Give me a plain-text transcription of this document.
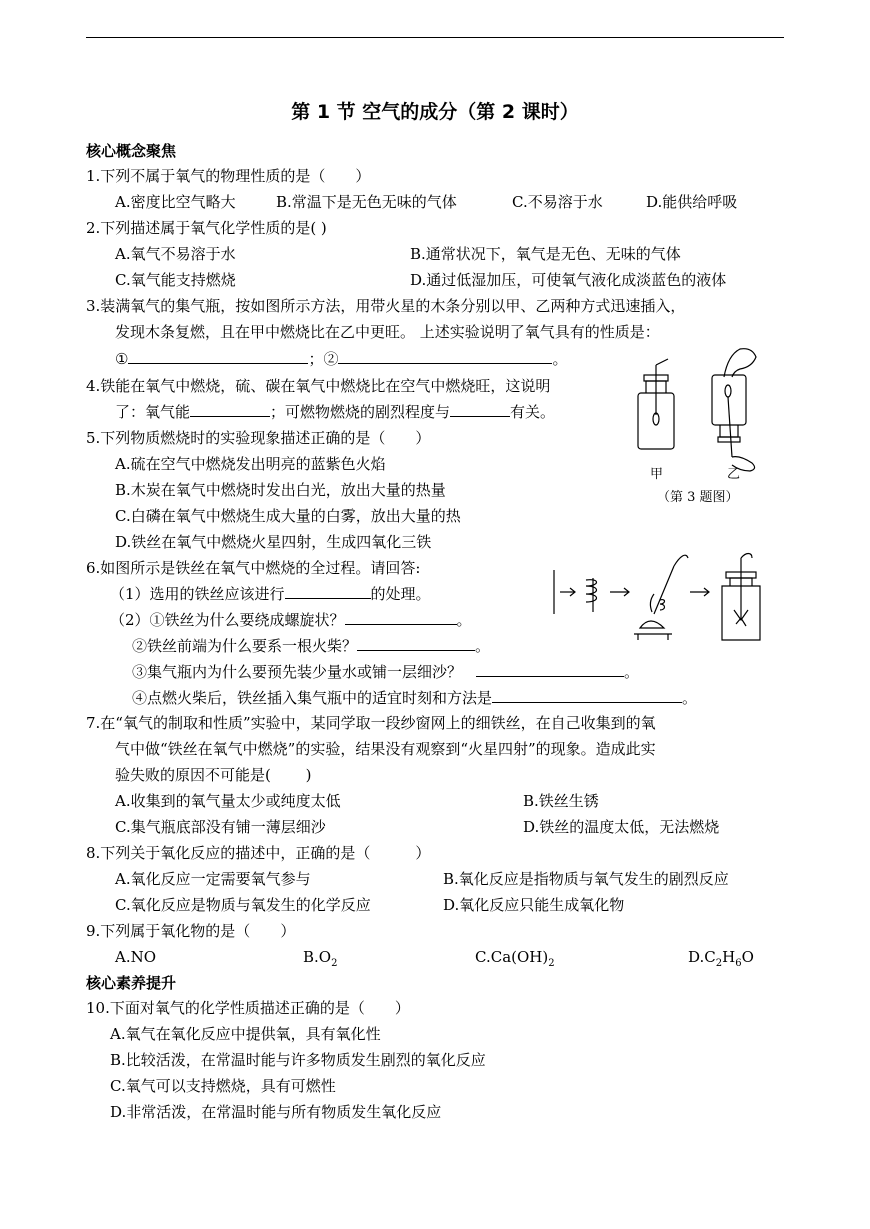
第 1 节 空气的成分（第 2 课时）
核心概念聚焦
1.下列不属于氧气的物理性质的是（　　）
A.密度比空气略大	B.常温下是无色无味的气体	C.不易溶于水	D.能供给呼吸
2.下列描述属于氧气化学性质的是( )
A.氧气不易溶于水	B.通常状况下，氧气是无色、无味的气体
C.氧气能支持燃烧	D.通过低湿加压，可使氧气液化成淡蓝色的液体
3.装满氧气的集气瓶，按如图所示方法，用带火星的木条分别以甲、乙两种方式迅速插入，
发现木条复燃，且在甲中燃烧比在乙中更旺。 上述实验说明了氧气具有的性质是：
①	；②	。
甲	乙
（第 3 题图）
4.铁能在氧气中燃烧，硫、碳在氧气中燃烧比在空气中燃烧旺，这说明
了：氧气能	；可燃物燃烧的剧烈程度与	有关。
5.下列物质燃烧时的实验现象描述正确的是（　　）
A.硫在空气中燃烧发出明亮的蓝紫色火焰
B.木炭在氧气中燃烧时发出白光，放出大量的热量
C.白磷在氧气中燃烧生成大量的白雾，放出大量的热
D.铁丝在氧气中燃烧火星四射，生成四氧化三铁
6.如图所示是铁丝在氧气中燃烧的全过程。请回答:
（1）选用的铁丝应该进行	的处理。
（2）①铁丝为什么要绕成螺旋状？	。
②铁丝前端为什么要系一根火柴？	。
③集气瓶内为什么要预先装少量水或铺一层细沙？	。
④点燃火柴后，铁丝插入集气瓶中的适宜时刻和方法是	。
7.在“氧气的制取和性质”实验中，某同学取一段纱窗网上的细铁丝，在自己收集到的氧
气中做“铁丝在氧气中燃烧”的实验，结果没有观察到“火星四射”的现象。造成此实
验失败的原因不可能是(　　 )
A.收集到的氧气量太少或纯度太低	B.铁丝生锈
C.集气瓶底部没有铺一薄层细沙	D.铁丝的温度太低，无法燃烧
8.下列关于氧化反应的描述中，正确的是（　　　）
A.氧化反应一定需要氧气参与	B.氧化反应是指物质与氧气发生的剧烈反应
C.氧化反应是物质与氧发生的化学反应	D.氧化反应只能生成氧化物
9.下列属于氧化物的是（　　）
A.NO	$B.O_2$	$C.Ca(OH)_2$	$D.C_2H_6O$
核心素养提升
10.下面对氧气的化学性质描述正确的是（　　）
A.氧气在氧化反应中提供氧，具有氧化性
B.比较活泼，在常温时能与许多物质发生剧烈的氧化反应
C.氧气可以支持燃烧，具有可燃性
D.非常活泼，在常温时能与所有物质发生氧化反应
